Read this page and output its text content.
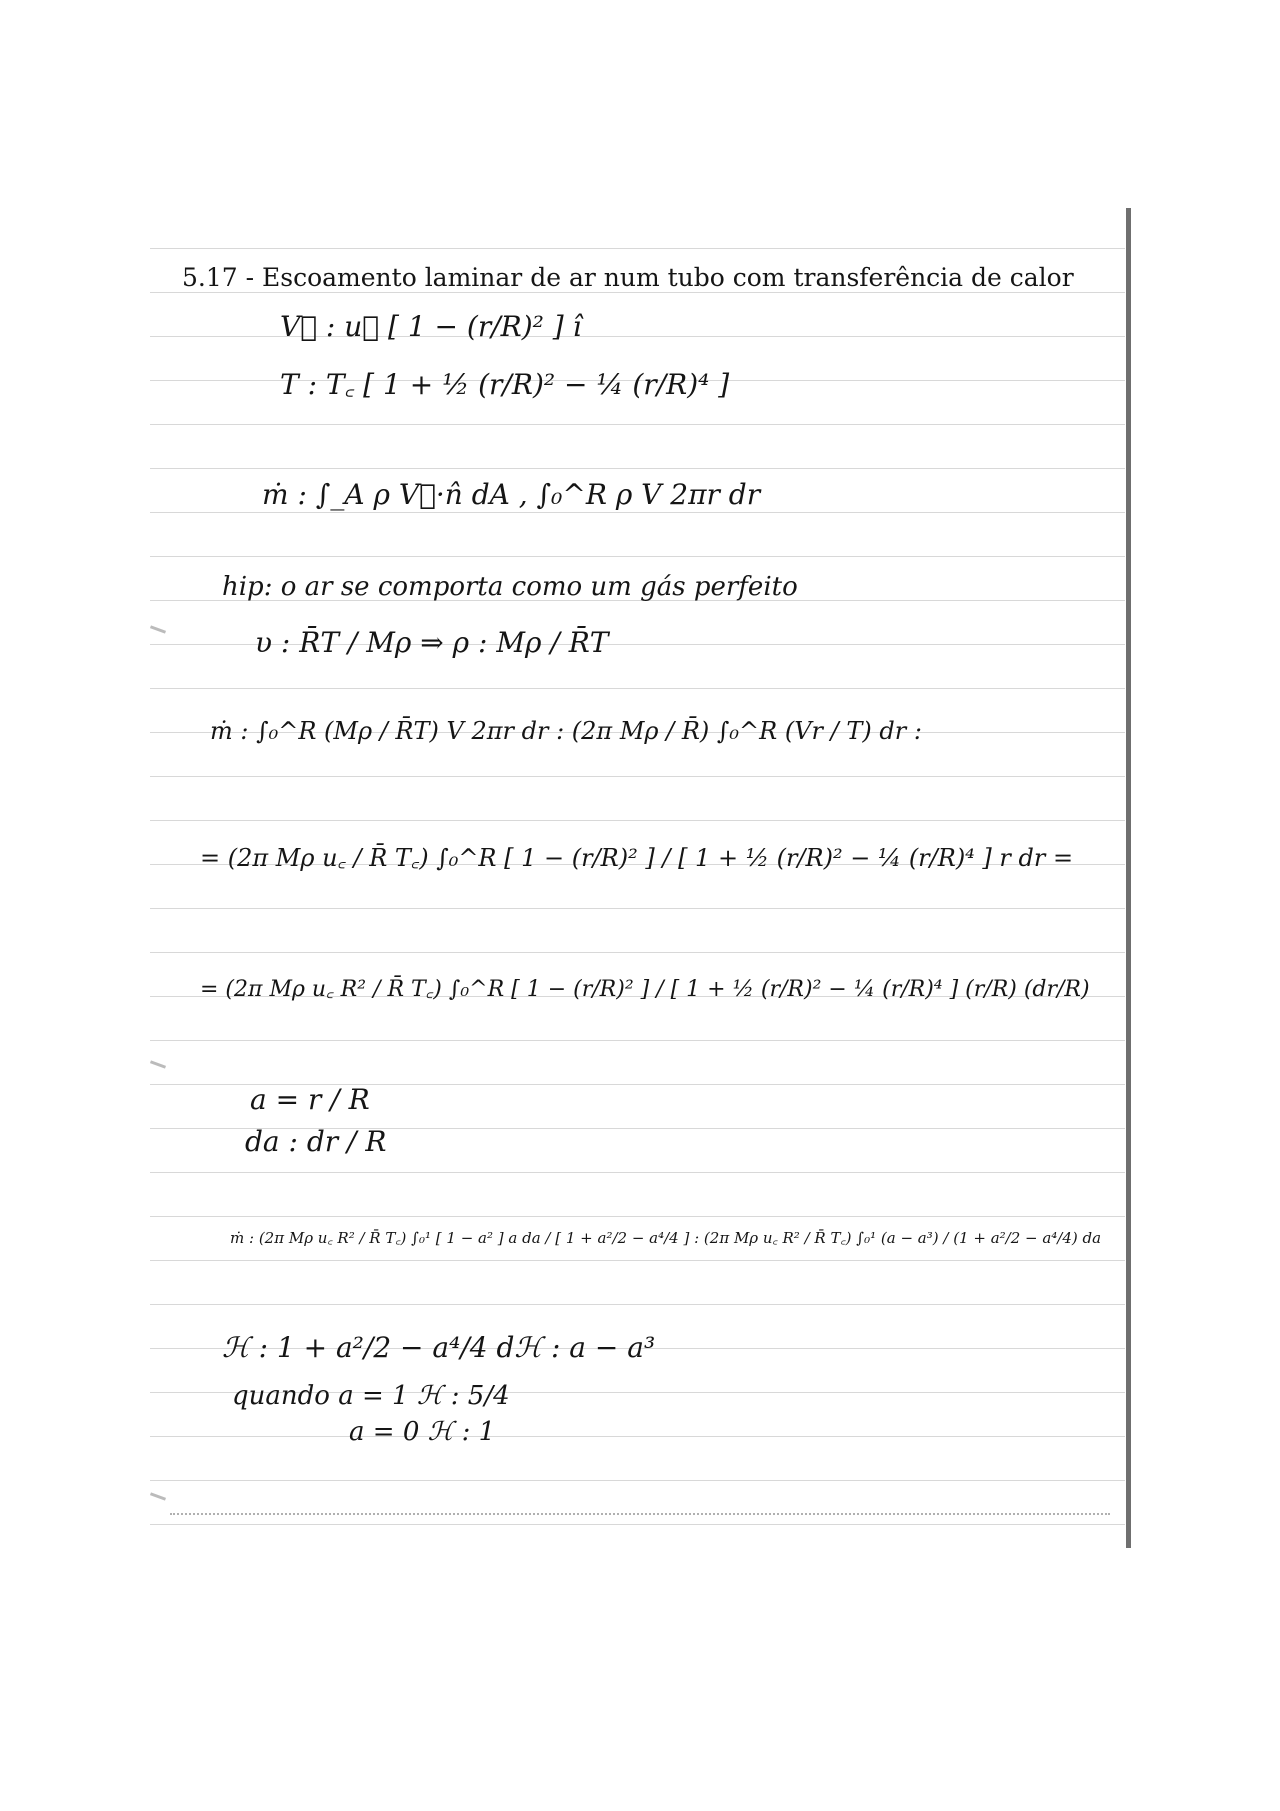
5.17 - Escoamento laminar de ar num tubo com transferência de calor
V⃗ : u꜀ [ 1 − (r/R)² ] î
T : T꜀ [ 1 + ½ (r/R)² − ¼ (r/R)⁴ ]
ṁ : ∫_A ρ V⃗·n̂ dA , ∫₀^R ρ V 2πr dr
hip: o ar se comporta como um gás perfeito
υ : R̄T / Mρ ⇒ ρ : Mρ / R̄T
ṁ : ∫₀^R (Mρ / R̄T) V 2πr dr : (2π Mρ / R̄) ∫₀^R (Vr / T) dr :
= (2π Mρ u꜀ / R̄ T꜀) ∫₀^R [ 1 − (r/R)² ] / [ 1 + ½ (r/R)² − ¼ (r/R)⁴ ] r dr =
= (2π Mρ u꜀ R² / R̄ T꜀) ∫₀^R [ 1 − (r/R)² ] / [ 1 + ½ (r/R)² − ¼ (r/R)⁴ ] (r/R) (dr/R)
a = r / R
da : dr / R
ṁ : (2π Mρ u꜀ R² / R̄ T꜀) ∫₀¹ [ 1 − a² ] a da / [ 1 + a²/2 − a⁴/4 ] : (2π Mρ u꜀ R² / R̄ T꜀) ∫₀¹ (a − a³) / (1 + a²/2 − a⁴/4) da
ℋ : 1 + a²/2 − a⁴/4 dℋ : a − a³
quando a = 1 ℋ : 5/4
a = 0 ℋ : 1
